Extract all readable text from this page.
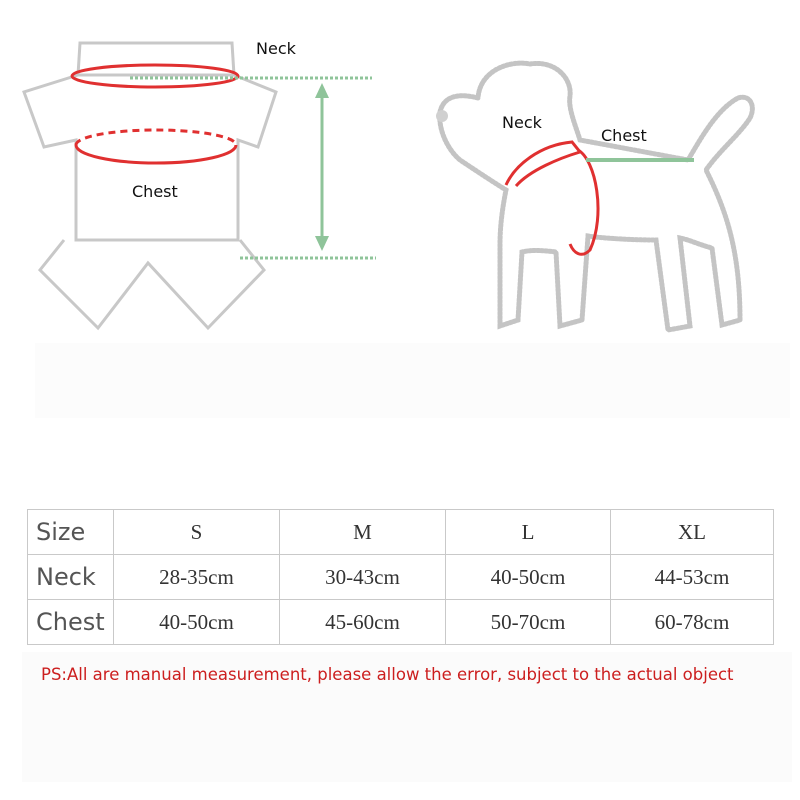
Neck
Chest
Neck
Chest
Size	S	M	L	XL
Neck	28-35cm	30-43cm	40-50cm	44-53cm
Chest	40-50cm	45-60cm	50-70cm	60-78cm
PS:All are manual measurement, please allow the error, subject to the actual object
